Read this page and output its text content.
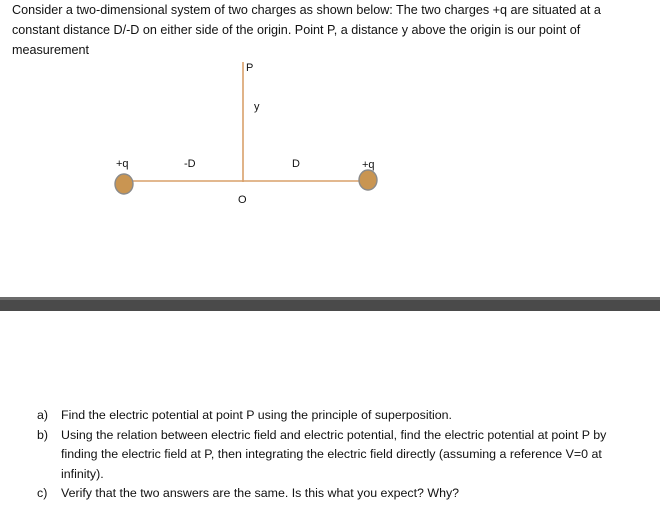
Consider a two-dimensional system of two charges as shown below: The two charges +q are situated at a constant distance D/-D on either side of the origin. Point P, a distance y above the origin is our point of measurement

P
y
+q	-D	D	+q
O
a) Find the electric potential at point P using the principle of superposition.
b) Using the relation between electric field and electric potential, find the electric potential at point P by finding the electric field at P, then integrating the electric field directly (assuming a reference V=0 at infinity).
c) Verify that the two answers are the same. Is this what you expect? Why?
